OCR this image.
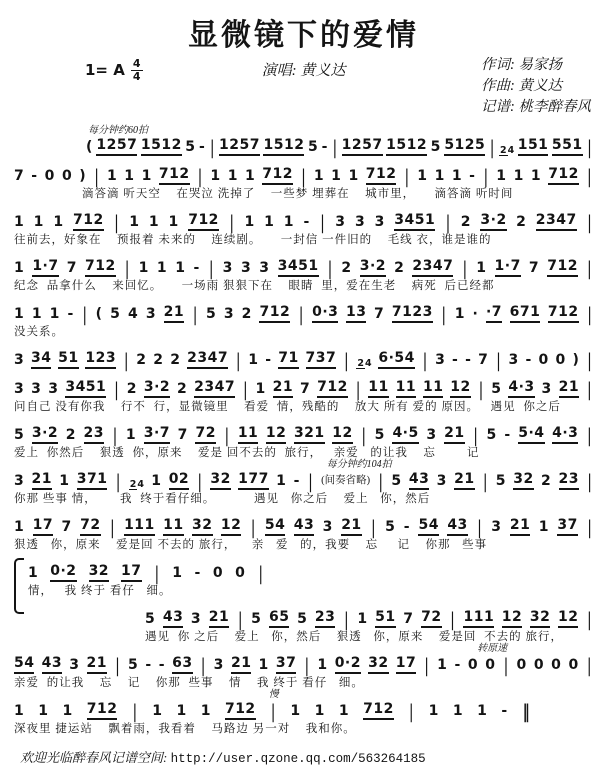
显微镜下的爱情
1= A $\frac{4}{4}$	演唱: 黄义达	作词: 易家扬
作曲: 黄义达
记谱: 桃李醉春风
每分钟约60拍
( 1257 1512 5 - | 1257 1512 5 - | 1257 1512 5 5125 | 24 151 551 |
7 - 0 0 ) | 1 1 1 712 | 1 1 1 712 | 1 1 1 712 | 1 1 1 - | 1 1 1 712 |
滴答滴 听天空    在哭泣 洗掉了    一些梦 埋葬在    城市里，     滴答滴 听时间
1 1 1 712 | 1 1 1 712 | 1 1 1 - | 3 3 3 3451 | 2 3·2 2 2347 |
往前去，好象在    预报着 未来的    连续剧。     一封信 一件旧的    毛线 衣，谁是谁的
1 1·7 7 712 | 1 1 1 - | 3 3 3 3451 | 2 3·2 2 2347 | 1 1·7 7 712 |
纪念  品拿什么    来回忆。     一场雨 狠狠下在    眼睛  里，爱在生老    病死  后已经都
1 1 1 - | ( 5 4 3 21 | 5 3 2 712 | 0·3 13 7 7123 | 1 · ·7 671 712 |
没关系。
3 34 51 123 | 2 2 2 2347 | 1 - 71 737 | 24 6·54 | 3 - - 7 | 3 - 0 0 ) |
3 3 3 3451 | 2 3·2 2 2347 | 1 21 7 712 | 11 11 11 12 | 5 4·3 3 21 |
问自己 没有你我    行不  行，显微镜里    看爱  情，残酷的    放大 所有 爱的 原因。   遇见  你之后
5 3·2 2 23 | 1 3·7 7 72 | 11 12 321 12 | 5 4·5 3 21 | 5 - 5·4 4·3 |
爱上  你然后    狠透  你，原来    爱是 回不去的  旅行，   亲爱   的让我    忘        记
每分钟约104拍
3 21 1 371 | 24 1 02 | 32 177 1 - | (间奏省略) | 5 43 3 21 | 5 32 2 23 |
你那 些事 情，      我  终于看仔细。          遇见   你之后    爱上   你，然后
1 17 7 72 | 111 11 32 12 | 54 43 3 21 | 5 - 54 43 | 3 21 1 37 |
狠透   你，原来    爱是回 不去的 旅行，    亲   爱   的，我要    忘     记    你那   些事
1 0·2 32 17 | 1 - 0 0 |
情，   我 终于 看仔   细。
5 43 3 21 | 5 65 5 23 | 1 51 7 72 | 111 12 32 12 |
遇见  你 之后    爱上   你，然后    狠透   你，原来    爱是回  不去的 旅行，
转原速
54 43 3 21 | 5 - - 63 | 3 21 1 37 | 1 0·2 32 17 | 1 - 0 0 | 0 0 0 0 |
亲爱  的让我    忘    记    你那  些事    情    我 终于 看仔   细。
慢
1 1 1 712 | 1 1 1 712 | 1 1 1 712 | 1 1 1 - ‖
深夜里 捷运站    飘着雨，我看着    马路边 另一对    我和你。
欢迎光临醉春风记谱空间: http://user.qzone.qq.com/563264185
